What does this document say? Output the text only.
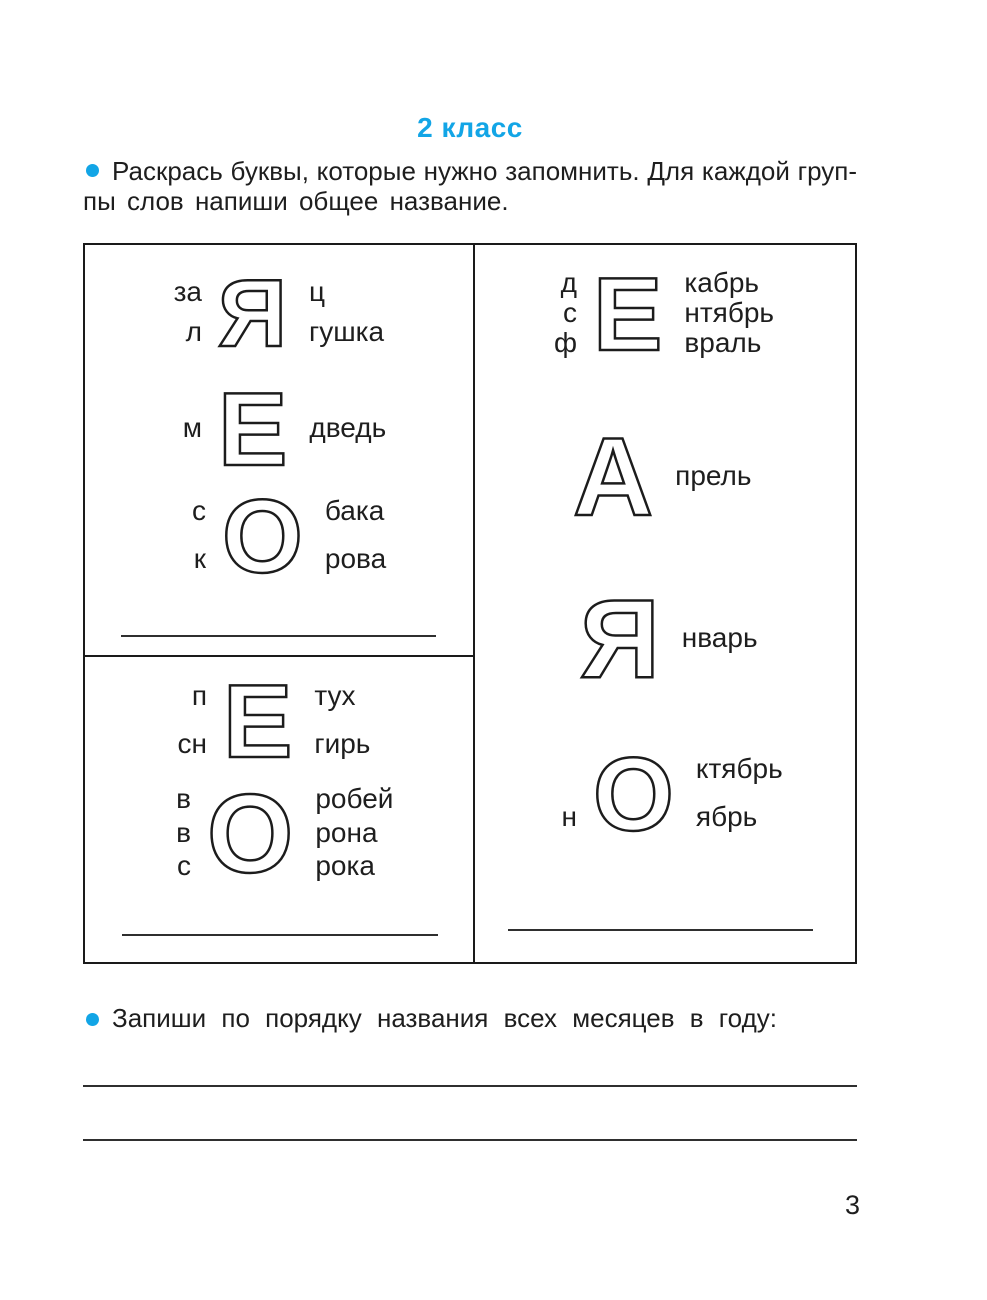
2 класс
Раскрась буквы, которые нужно запомнить. Для каждой груп-
пы слов напиши общее название.
за
л Я ц
гушка
м Е дведь
с
к О бака
рова
п
сн Е тух
гирь
в
в
с О робей
рона
рока
д
с
ф Е кабрь
нтябрь
враль
А прель
Я нварь
н О ктябрь
ябрь
Запиши по порядку названия всех месяцев в году:
3
